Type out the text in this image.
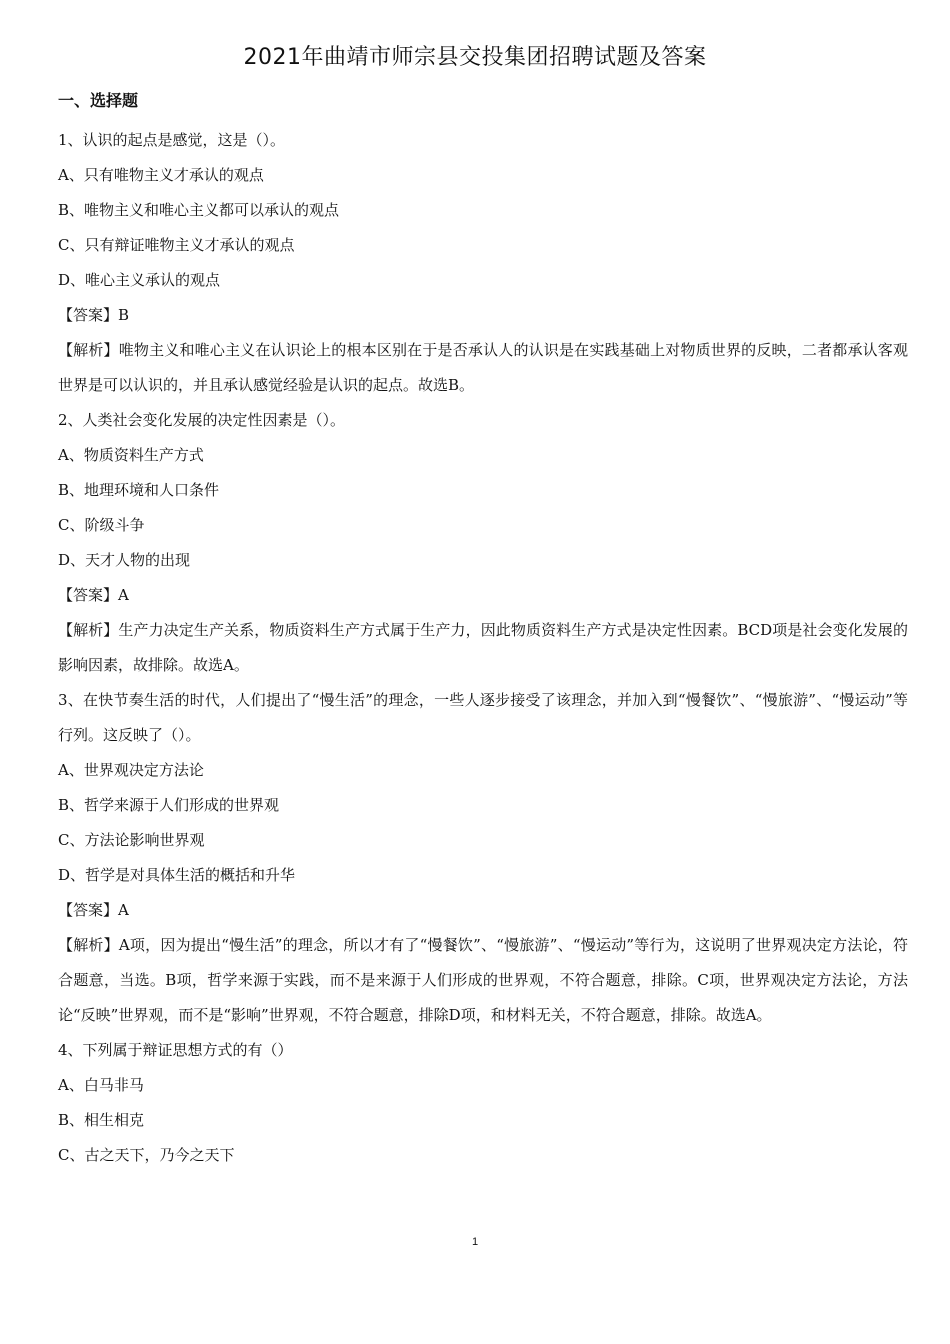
2021年曲靖市师宗县交投集团招聘试题及答案
一、选择题
1、认识的起点是感觉，这是（）。
A、只有唯物主义才承认的观点
B、唯物主义和唯心主义都可以承认的观点
C、只有辩证唯物主义才承认的观点
D、唯心主义承认的观点
【答案】B
【解析】唯物主义和唯心主义在认识论上的根本区别在于是否承认人的认识是在实践基础上对物质世界的反映，二者都承认客观世界是可以认识的，并且承认感觉经验是认识的起点。故选B。
2、人类社会变化发展的决定性因素是（）。
A、物质资料生产方式
B、地理环境和人口条件
C、阶级斗争
D、天才人物的出现
【答案】A
【解析】生产力决定生产关系，物质资料生产方式属于生产力，因此物质资料生产方式是决定性因素。BCD项是社会变化发展的影响因素，故排除。故选A。
3、在快节奏生活的时代，人们提出了“慢生活”的理念，一些人逐步接受了该理念，并加入到“慢餐饮”、“慢旅游”、“慢运动”等行列。这反映了（）。
A、世界观决定方法论
B、哲学来源于人们形成的世界观
C、方法论影响世界观
D、哲学是对具体生活的概括和升华
【答案】A
【解析】A项，因为提出“慢生活”的理念，所以才有了“慢餐饮”、“慢旅游”、“慢运动”等行为，这说明了世界观决定方法论，符合题意，当选。B项，哲学来源于实践，而不是来源于人们形成的世界观，不符合题意，排除。C项，世界观决定方法论，方法论“反映”世界观，而不是“影响”世界观，不符合题意，排除D项，和材料无关，不符合题意，排除。故选A。
4、下列属于辩证思想方式的有（）
A、白马非马
B、相生相克
C、古之天下，乃今之天下
1
